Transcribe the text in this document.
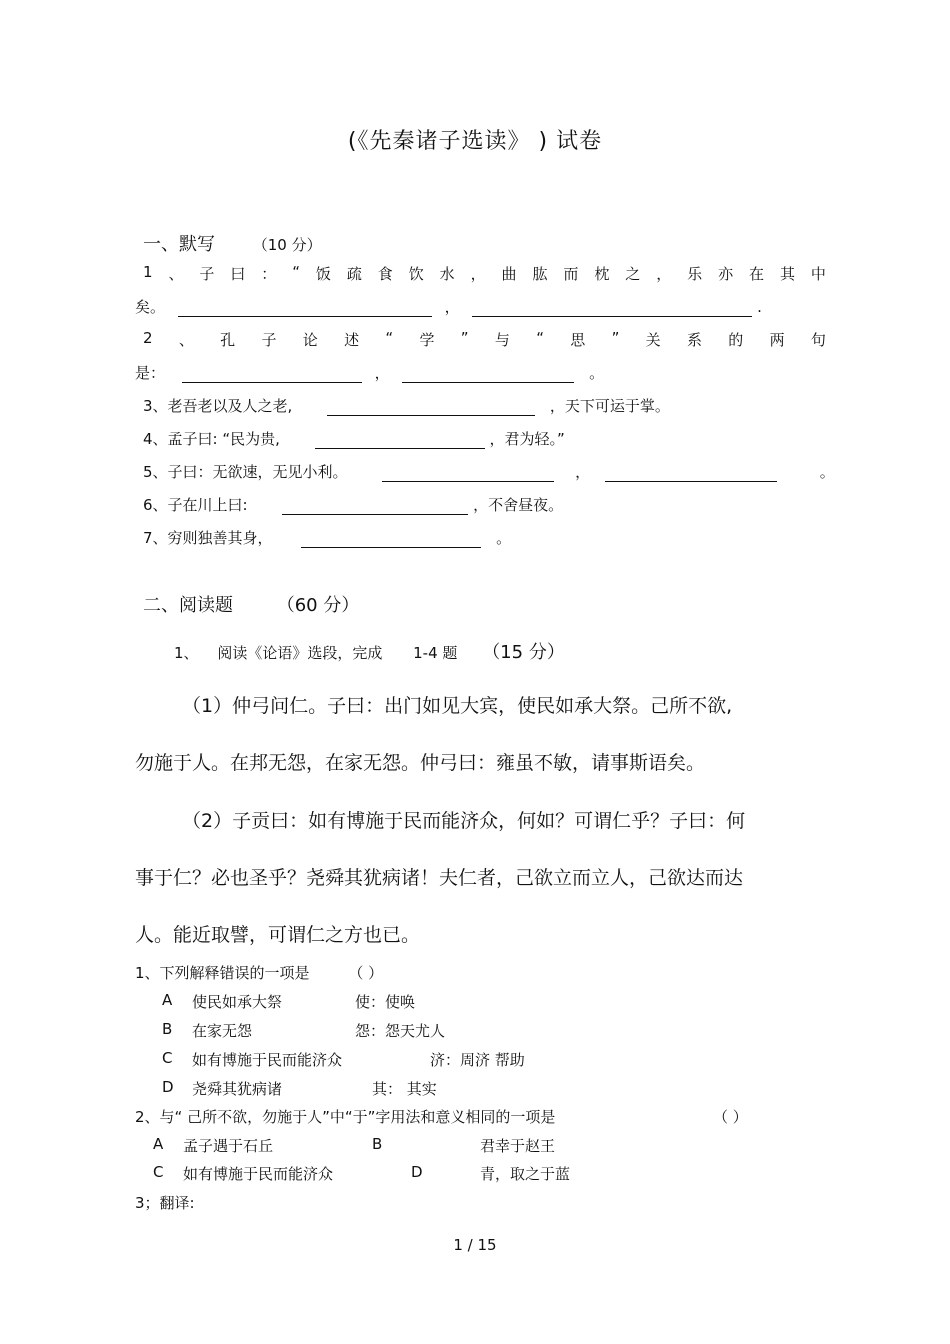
(《先秦诸子选读》 ) 试卷
一、默写	（10 分）
1 、 子 曰 ： “ 饭 疏 食 饮 水 ， 曲 肱 而 枕 之 ， 乐 亦 在 其 中
矣。	，	.
2 、 孔 子 论 述 “ 学 ” 与 “ 思 ” 关 系 的 两 句
是：	，	。
3、老吾老以及人之老,	，天下可运于掌。
4、孟子曰: “民为贵,	，君为轻。”
5、子曰：无欲速，无见小利。	，	。
6、子在川上曰:	，不舍昼夜。
7、穷则独善其身，	。
二、阅读题 （60 分）
1、 阅读《论语》选段，完成 1-4 题 （15 分）
（1）仲弓问仁。子曰：出门如见大宾，使民如承大祭。己所不欲,
勿施于人。在邦无怨，在家无怨。仲弓曰：雍虽不敏，请事斯语矣。
（2）子贡曰：如有博施于民而能济众，何如？可谓仁乎？子曰：何
事于仁？必也圣乎？尧舜其犹病诸！夫仁者，己欲立而立人，己欲达而达
人。能近取譬，可谓仁之方也已。
1、下列解释错误的一项是	（ ）
A 使民如承大祭	使：使唤
B 在家无怨	怨：怨天尤人
C 如有博施于民而能济众	济：周济 帮助
D 尧舜其犹病诸	其： 其实
2、与“ 己所不欲，勿施于人”中“于”字用法和意义相同的一项是	（ ）
A 孟子遇于石丘	B	君幸于赵王
C 如有博施于民而能济众	D	青，取之于蓝
3；翻译:
1 / 15
